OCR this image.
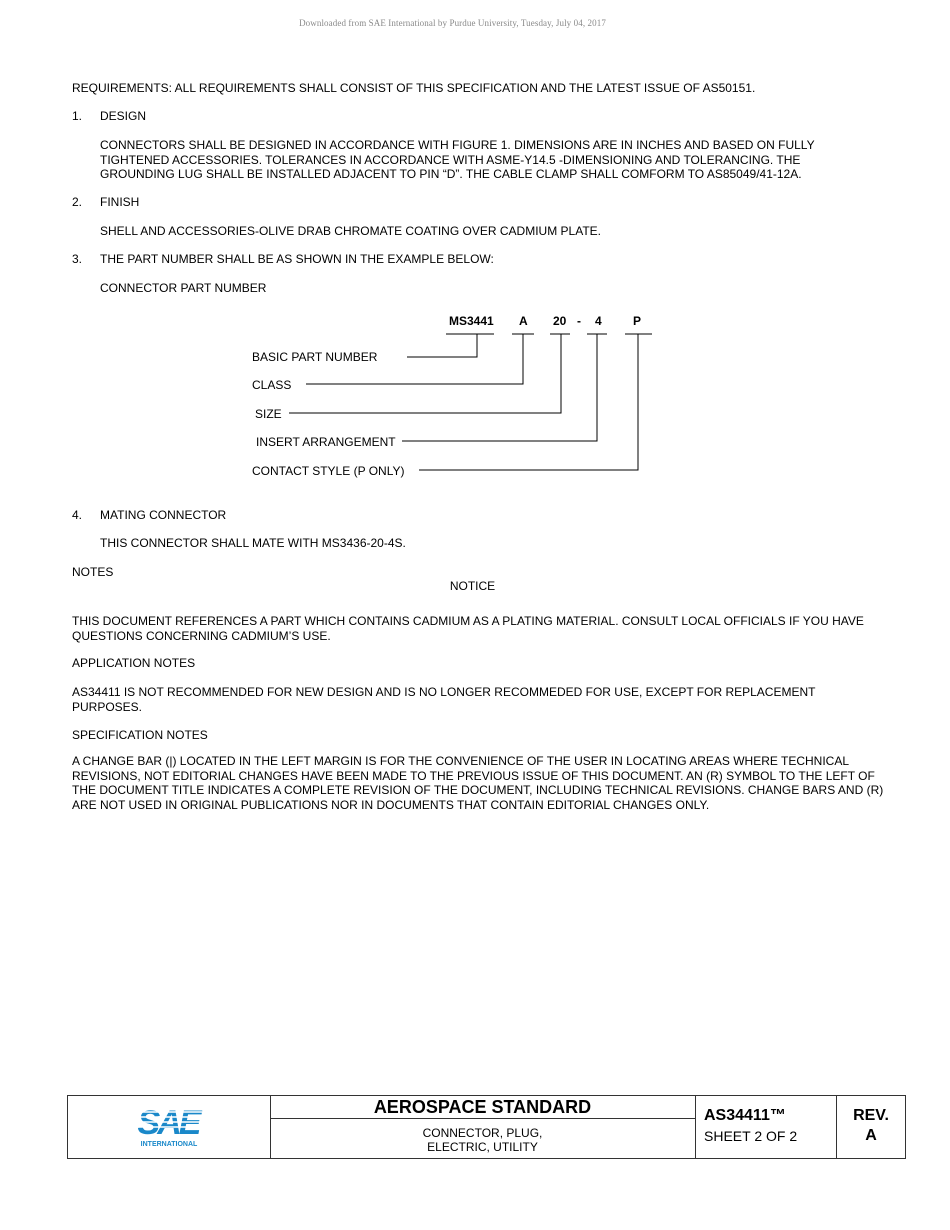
Downloaded from SAE International by Purdue University, Tuesday, July 04, 2017
REQUIREMENTS: ALL REQUIREMENTS SHALL CONSIST OF THIS SPECIFICATION AND THE LATEST ISSUE OF AS50151.
1. DESIGN
CONNECTORS SHALL BE DESIGNED IN ACCORDANCE WITH FIGURE 1. DIMENSIONS ARE IN INCHES AND BASED ON FULLY TIGHTENED ACCESSORIES. TOLERANCES IN ACCORDANCE WITH ASME-Y14.5 -DIMENSIONING AND TOLERANCING. THE GROUNDING LUG SHALL BE INSTALLED ADJACENT TO PIN “D”. THE CABLE CLAMP SHALL COMFORM TO AS85049/41-12A.
2. FINISH
SHELL AND ACCESSORIES-OLIVE DRAB CHROMATE COATING OVER CADMIUM PLATE.
3. THE PART NUMBER SHALL BE AS SHOWN IN THE EXAMPLE BELOW:
CONNECTOR PART NUMBER
MS3441 A 20 - 4	P
BASIC PART NUMBER
CLASS
SIZE
INSERT ARRANGEMENT
CONTACT STYLE (P ONLY)
4. MATING CONNECTOR
THIS CONNECTOR SHALL MATE WITH MS3436-20-4S.
NOTES
NOTICE
THIS DOCUMENT REFERENCES A PART WHICH CONTAINS CADMIUM AS A PLATING MATERIAL. CONSULT LOCAL OFFICIALS IF YOU HAVE QUESTIONS CONCERNING CADMIUM’S USE.
APPLICATION NOTES
AS34411 IS NOT RECOMMENDED FOR NEW DESIGN AND IS NO LONGER RECOMMEDED FOR USE, EXCEPT FOR REPLACEMENT PURPOSES.
SPECIFICATION NOTES
A CHANGE BAR (|) LOCATED IN THE LEFT MARGIN IS FOR THE CONVENIENCE OF THE USER IN LOCATING AREAS WHERE TECHNICAL REVISIONS, NOT EDITORIAL CHANGES HAVE BEEN MADE TO THE PREVIOUS ISSUE OF THIS DOCUMENT. AN (R) SYMBOL TO THE LEFT OF THE DOCUMENT TITLE INDICATES A COMPLETE REVISION OF THE DOCUMENT, INCLUDING TECHNICAL REVISIONS. CHANGE BARS AND (R) ARE NOT USED IN ORIGINAL PUBLICATIONS NOR IN DOCUMENTS THAT CONTAIN EDITORIAL CHANGES ONLY.
SAE
INTERNATIONAL
AEROSPACE STANDARD
CONNECTOR, PLUG,
ELECTRIC, UTILITY
AS34411™
SHEET 2 OF 2
REV.
A
